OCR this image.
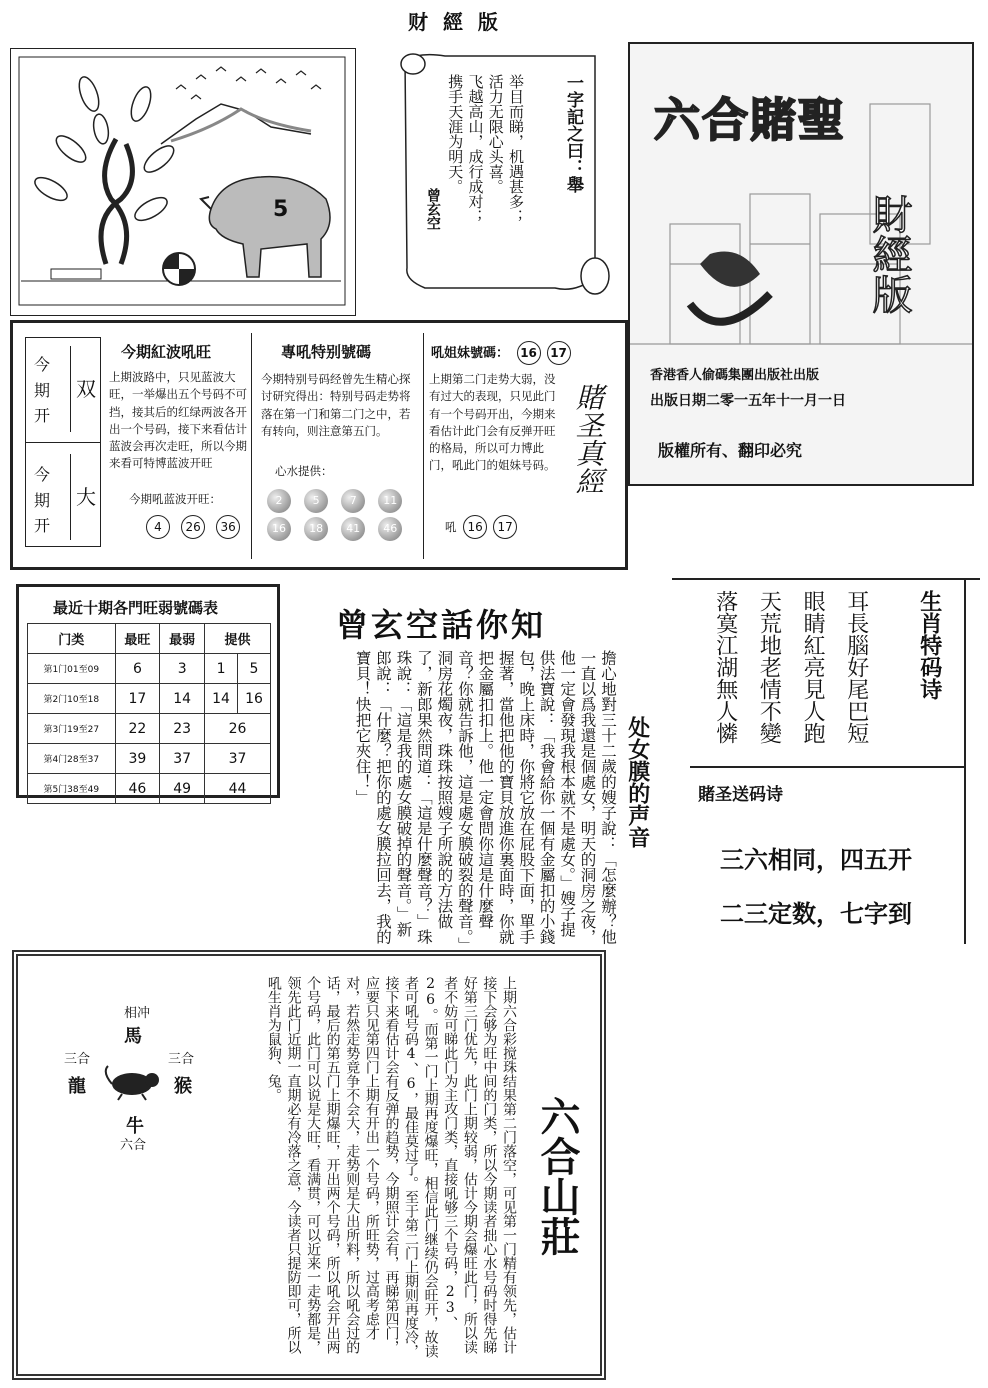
财 經 版
5
一字記之曰：舉
举目而睇，机遇甚多；
活力无限心头喜。
飞越高山，成行成对；
携手天涯为明天。
曾玄空
六合賭聖
財經版
香港香人偷碼集團出版社出版
出版日期二零一五年十一月一日
版權所有、翻印必究
今期开
双
今期开
大
今期紅波吼旺
上期波路中，只见蓝波大旺，一举爆出五个号码不可挡，接其后的红绿两波各开出一个号码，接下来看估计蓝波会再次走旺，所以今期来看可特博蓝波开旺
今期吼蓝波开旺：
4 26 36
專吼特别號碼
今期特别号码经曾先生精心探讨研究得出：特别号码走势将落在第一门和第二门之中，若有转向，则注意第五门。
心水提供：
2	5	7 11 16 18 41 46
吼姐妹號碼： 16 17
上期第二门走势大弱，没有过大的表现，只见此门有一个号码开出，今期来看估计此门会有反弹开旺的格局，所以可力博此门，吼此门的姐妹号码。
吼 16 17
賭圣真經
最近十期各門旺弱號碼表
门类	最旺	最弱	提供	
第1门01至09	6	3	1	5
第2门10至18	17	14	14	16
第3门19至27	22	23	26	
第4门28至37	39	37	37	
第5门38至49	46	49	44	
曾玄空話你知
处女膜的声音
擔心地對三十二歲的嫂子說：「怎麼辦？他一直以爲我還是個處女，明天的洞房之夜，他一定會發現我根本就不是處女。」嫂子提供法寶說：「我會給你一個有金屬扣的小錢包，晚上床時，你將它放在屁股下面，單手握著，當他把他的寶貝放進你裏面時，你就把金屬扣扣上。他一定會問你這是什麼聲音？你就告訴他，這是處女膜破裂的聲音。」洞房花燭夜，珠珠按照嫂子所說的方法做了，新郎果然問道：「這是什麼聲音？」珠珠說：「這是我的處女膜破掉的聲音。」新郎說：「什麼？把你的處女膜拉回去，我的寶貝！快把它夾住！」
生肖特码诗
耳長腦好尾巴短
眼睛紅亮見人跑
天荒地老情不變
落寞江湖無人憐
賭圣送码诗
三六相同，四五开
二三定数，七字到
相冲
馬
三合
龍
三合
猴
牛
六合	六合山莊
上期六合彩搅珠结果第二门落空，可见第一门精有领先，估计接下会够为旺中间的门类，所以今期读者拙心水号码时得先睇好第三门优先，此门上期较弱，估计今期会爆旺此门，所以读者不妨可睇此门为主攻门类，直接吼够三个号码，23、26。而第一门上期再度爆旺，相信此门继续仍会旺开，故读者可吼号码4、6，最佳莫过了。至于第二门上期则再度冷，接下来看估计会有反弹的趋势，今期照计会有，再睇第四门，应要只见第四门上期有开出一个号码，所旺势，过高考虑才对，若然走势竟争不会大，走势则是大出所料，所以吼会过的话，最后的第五门上期爆旺，开出两个号码，所以吼会开出两个号码，此门可以说是大旺，看满贯，可以近来一走势都是，领先此门近期一直期必有冷落之意，今读者只提防即可，所以吼生肖为鼠狗、兔。
